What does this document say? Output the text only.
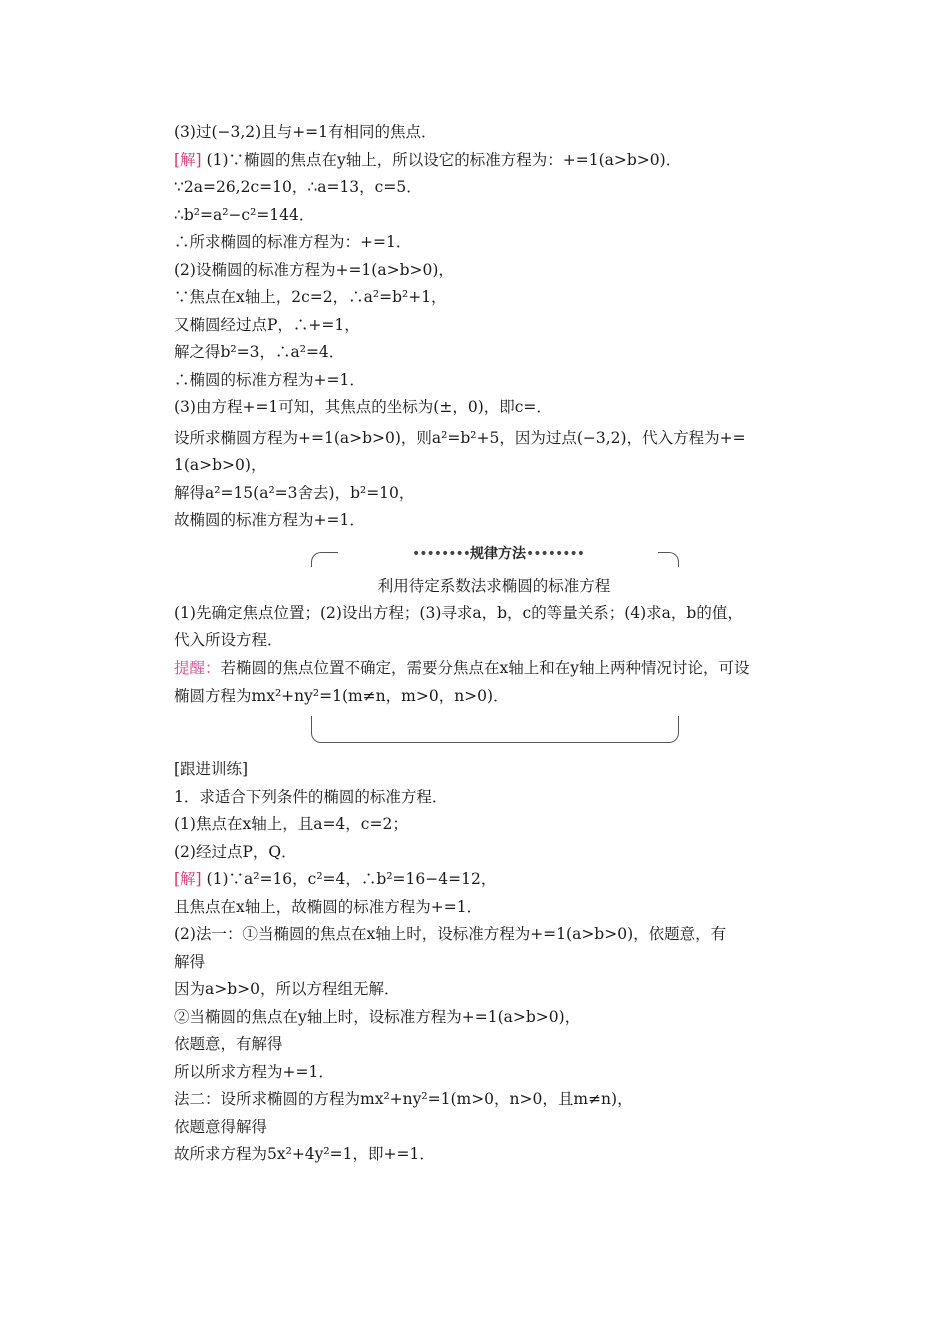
(3)过(−3,2)且与+=1有相同的焦点．
[解] (1)∵椭圆的焦点在y轴上，所以设它的标准方程为：+=1(a>b>0)．
∵2a=26,2c=10，∴a=13，c=5．
∴b²=a²−c²=144．
∴所求椭圆的标准方程为：+=1．
(2)设椭圆的标准方程为+=1(a>b>0)，
∵焦点在x轴上，2c=2，∴a²=b²+1，
又椭圆经过点P，∴+=1，
解之得b²=3，∴a²=4．
∴椭圆的标准方程为+=1．
(3)由方程+=1可知，其焦点的坐标为(±，0)，即c=．
设所求椭圆方程为+=1(a>b>0)，则a²=b²+5，因为过点(−3,2)，代入方程为+=
1(a>b>0)，
解得a²=15(a²=3舍去)，b²=10，
故椭圆的标准方程为+=1．
••••••••规律方法••••••••
利用待定系数法求椭圆的标准方程
(1)先确定焦点位置；(2)设出方程；(3)寻求a，b，c的等量关系；(4)求a，b的值，
代入所设方程．
提醒：若椭圆的焦点位置不确定，需要分焦点在x轴上和在y轴上两种情况讨论，可设
椭圆方程为mx²+ny²=1(m≠n，m>0，n>0)．
[跟进训练]
1．求适合下列条件的椭圆的标准方程．
(1)焦点在x轴上，且a=4，c=2；
(2)经过点P，Q．
[解] (1)∵a²=16，c²=4，∴b²=16−4=12，
且焦点在x轴上，故椭圆的标准方程为+=1．
(2)法一：①当椭圆的焦点在x轴上时，设标准方程为+=1(a>b>0)，依题意，有
解得
因为a>b>0，所以方程组无解．
②当椭圆的焦点在y轴上时，设标准方程为+=1(a>b>0)，
依题意，有解得
所以所求方程为+=1．
法二：设所求椭圆的方程为mx²+ny²=1(m>0，n>0，且m≠n)，
依题意得解得
故所求方程为5x²+4y²=1，即+=1．
